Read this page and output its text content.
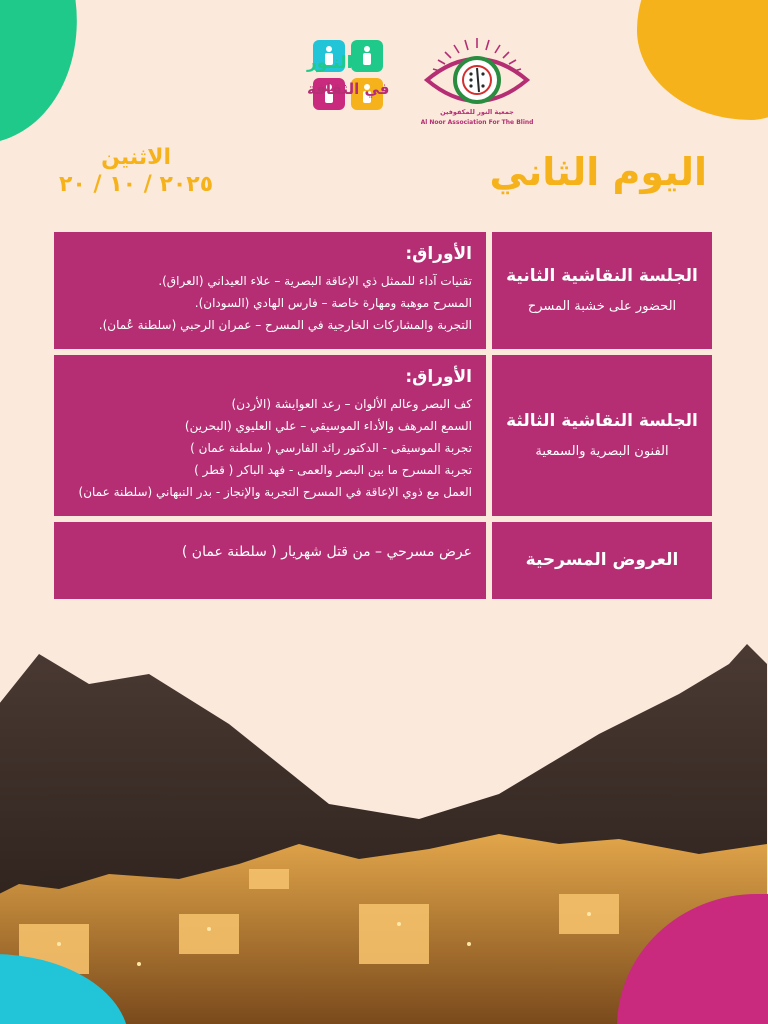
جمعية النور للمكفوفين
Al Noor Association For The Blind
النـور
في الثقافة
اليوم الثاني
الاثنين
٢٠٢٥ / ١٠ / ٢٠
الجلسة النقاشية الثانية
الحضور على خشبة المسرح
الأوراق:
تقنيات آداء للممثل ذي الإعاقة البصرية – علاء العيداني (العراق).
المسرح موهبة ومهارة خاصة – فارس الهادي (السودان).
التجربة والمشاركات الخارجية في المسرح – عمران الرحبي (سلطنة عُمان).
الجلسة النقاشية الثالثة
الفنون البصرية والسمعية
الأوراق:
كف البصر وعالم الألوان – رعد العوايشة (الأردن)
السمع المرهف والأداء الموسيقي – علي العليوي (البحرين)
تجربة الموسيقى - الدكتور رائد الفارسي ( سلطنة عمان )
تجربة المسرح ما بين البصر والعمى - فهد الباكر ( قطر )
العمل مع ذوي الإعاقة في المسرح التجربة والإنجاز - بدر النبهاني (سلطنة عمان)
العروض المسرحية
عرض مسرحي – من قتل شهريار ( سلطنة عمان )
